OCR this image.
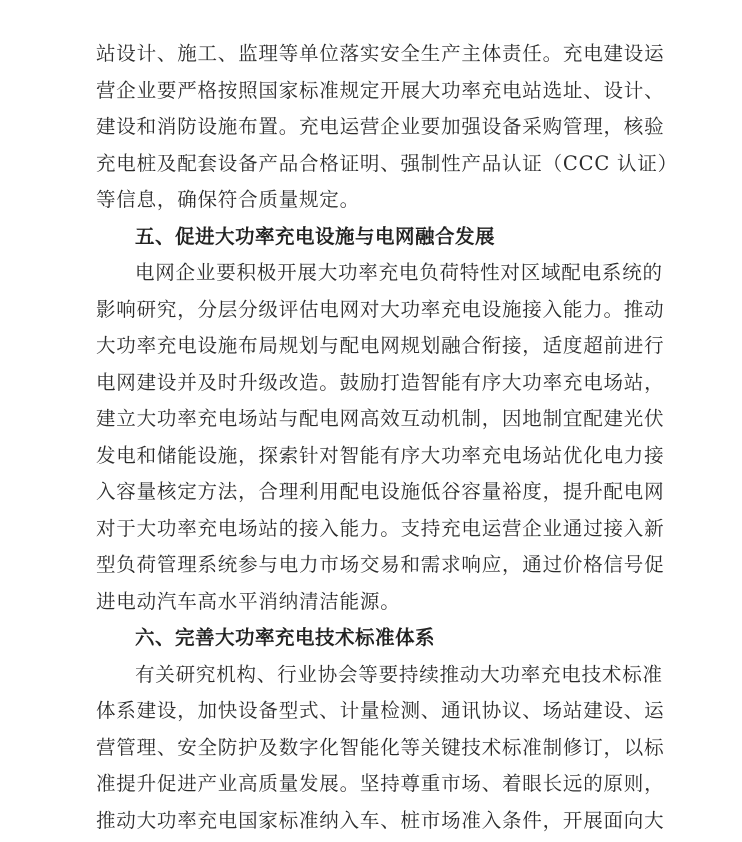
站设计、施工、监理等单位落实安全生产主体责任。充电建设运
营企业要严格按照国家标准规定开展大功率充电站选址、设计、
建设和消防设施布置。充电运营企业要加强设备采购管理，核验
充电桩及配套设备产品合格证明、强制性产品认证（CCC 认证）
等信息，确保符合质量规定。
五、促进大功率充电设施与电网融合发展
电网企业要积极开展大功率充电负荷特性对区域配电系统的
影响研究，分层分级评估电网对大功率充电设施接入能力。推动
大功率充电设施布局规划与配电网规划融合衔接，适度超前进行
电网建设并及时升级改造。鼓励打造智能有序大功率充电场站，
建立大功率充电场站与配电网高效互动机制，因地制宜配建光伏
发电和储能设施，探索针对智能有序大功率充电场站优化电力接
入容量核定方法，合理利用配电设施低谷容量裕度，提升配电网
对于大功率充电场站的接入能力。支持充电运营企业通过接入新
型负荷管理系统参与电力市场交易和需求响应，通过价格信号促
进电动汽车高水平消纳清洁能源。
六、完善大功率充电技术标准体系
有关研究机构、行业协会等要持续推动大功率充电技术标准
体系建设，加快设备型式、计量检测、通讯协议、场站建设、运
营管理、安全防护及数字化智能化等关键技术标准制修订，以标
准提升促进产业高质量发展。坚持尊重市场、着眼长远的原则，
推动大功率充电国家标准纳入车、桩市场准入条件，开展面向大
